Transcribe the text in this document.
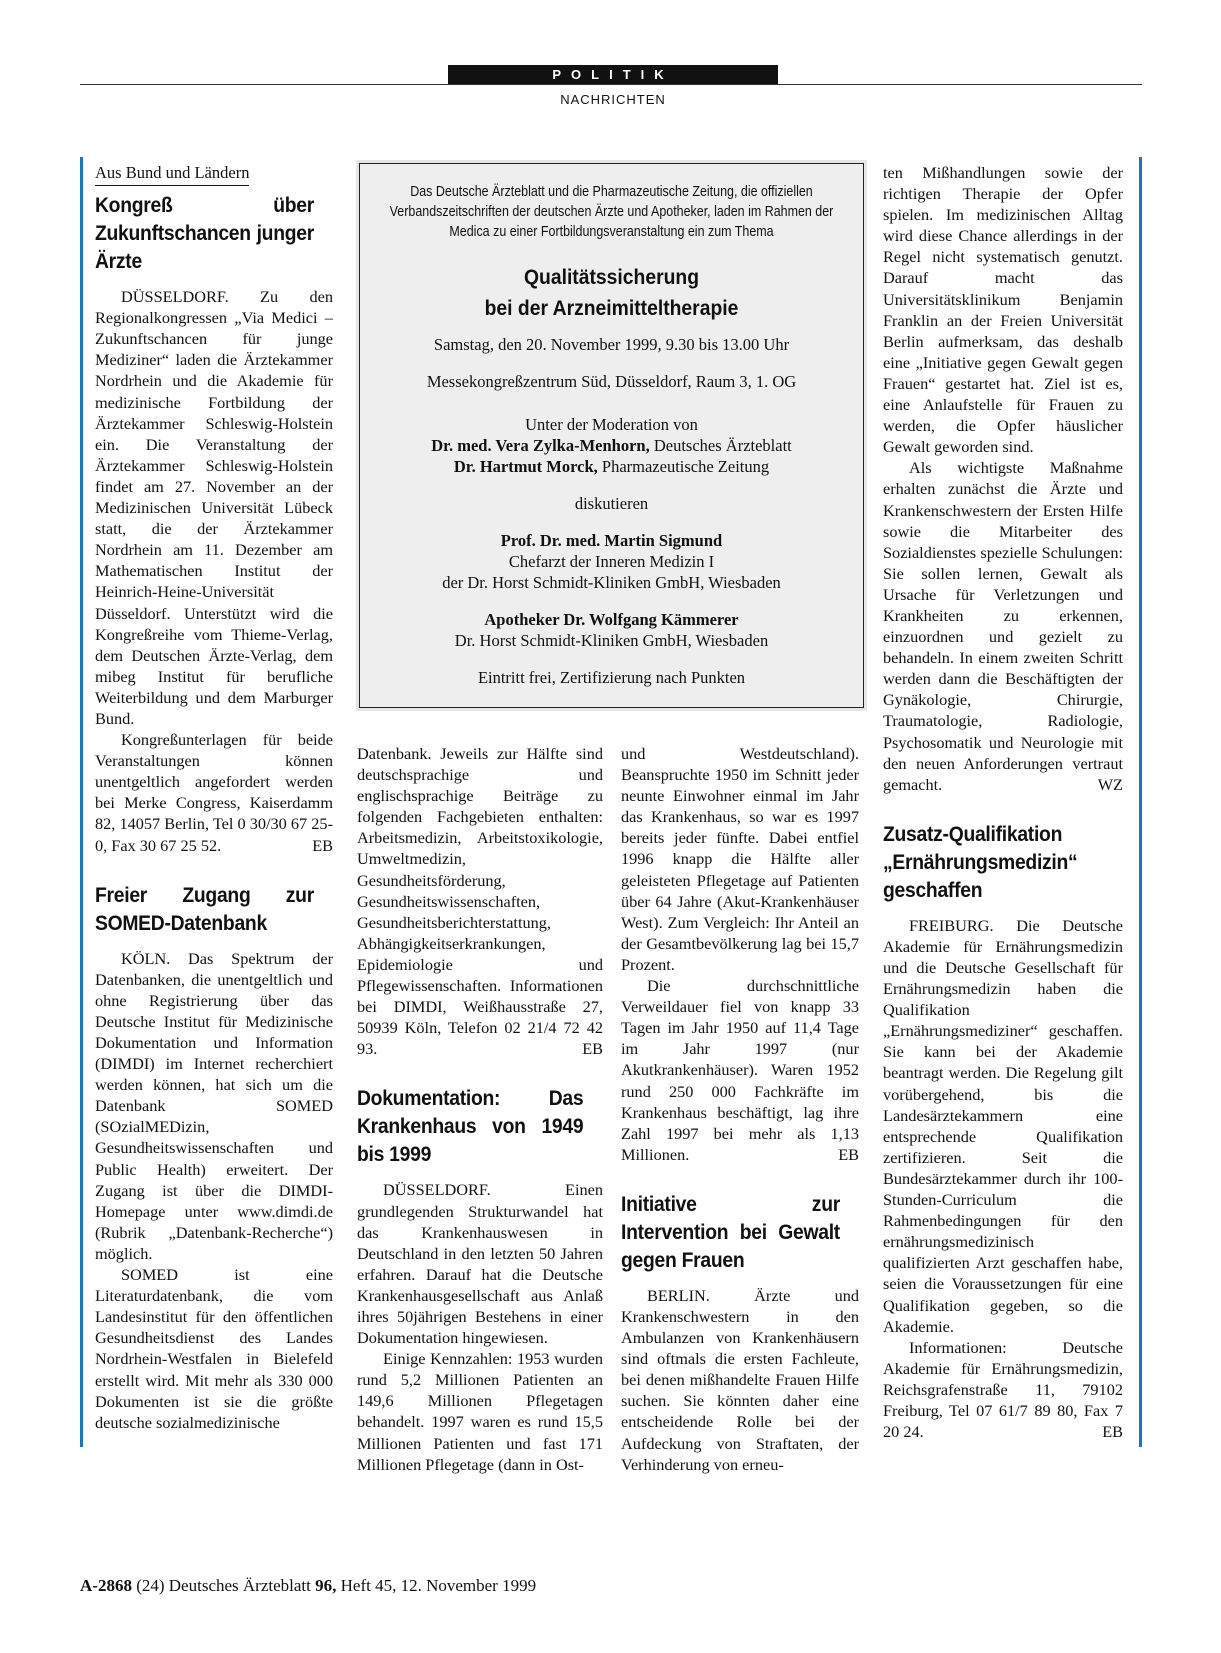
POLITIK
NACHRICHTEN
Aus Bund und Ländern
Kongreß über Zukunftschancen junger Ärzte

DÜSSELDORF. Zu den Regionalkongressen „Via Medici – Zukunftschancen für junge Mediziner“ laden die Ärztekammer Nordrhein und die Akademie für medizinische Fortbildung der Ärztekammer Schleswig-Holstein ein. Die Veranstaltung der Ärztekammer Schleswig-Holstein findet am 27. November an der Medizinischen Universität Lübeck statt, die der Ärztekammer Nordrhein am 11. Dezember am Mathematischen Institut der Heinrich-Heine-Universität Düsseldorf. Unterstützt wird die Kongreßreihe vom Thieme-Verlag, dem Deutschen Ärzte-Verlag, dem mibeg Institut für berufliche Weiterbildung und dem Marburger Bund.

Kongreßunterlagen für beide Veranstaltungen können unentgeltlich angefordert werden bei Merke Congress, Kaiserdamm 82, 14057 Berlin, Tel 0 30/30 67 25-0, Fax 30 67 25 52.	EB

Freier Zugang zur SOMED-Datenbank

KÖLN. Das Spektrum der Datenbanken, die unentgeltlich und ohne Registrierung über das Deutsche Institut für Medizinische Dokumentation und Information (DIMDI) im Internet recherchiert werden können, hat sich um die Datenbank SOMED (SOzialMEDizin, Gesundheitswissenschaften und Public Health) erweitert. Der Zugang ist über die DIMDI-Homepage unter www.dimdi.de (Rubrik „Datenbank-Recherche“) möglich.

SOMED ist eine Literaturdatenbank, die vom Landesinstitut für den öffentlichen Gesundheitsdienst des Landes Nordrhein-Westfalen in Bielefeld erstellt wird. Mit mehr als 330 000 Dokumenten ist sie die größte deutsche sozialmedizinische

Das Deutsche Ärzteblatt und die Pharmazeutische Zeitung, die offiziellen Verbandszeitschriften der deutschen Ärzte und Apotheker, laden im Rahmen der Medica zu einer Fortbildungsveranstaltung ein zum Thema
Qualitätssicherung
bei der Arzneimitteltherapie
Samstag, den 20. November 1999, 9.30 bis 13.00 Uhr
Messekongreßzentrum Süd, Düsseldorf, Raum 3, 1. OG
Unter der Moderation von
Dr. med. Vera Zylka-Menhorn, Deutsches Ärzteblatt
Dr. Hartmut Morck, Pharmazeutische Zeitung
diskutieren
Prof. Dr. med. Martin Sigmund
Chefarzt der Inneren Medizin I
der Dr. Horst Schmidt-Kliniken GmbH, Wiesbaden
Apotheker Dr. Wolfgang Kämmerer
Dr. Horst Schmidt-Kliniken GmbH, Wiesbaden
Eintritt frei, Zertifizierung nach Punkten

Datenbank. Jeweils zur Hälfte sind deutschsprachige und englischsprachige Beiträge zu folgenden Fachgebieten enthalten: Arbeitsmedizin, Arbeitstoxikologie, Umweltmedizin, Gesundheitsförderung, Gesundheitswissenschaften, Gesundheitsberichterstattung, Abhängigkeitserkrankungen, Epidemiologie und Pflegewissenschaften. Informationen bei DIMDI, Weißhausstraße 27, 50939 Köln, Telefon 02 21/4 72 42 93.	EB

Dokumentation: Das Krankenhaus von 1949 bis 1999

DÜSSELDORF. Einen grundlegenden Strukturwandel hat das Krankenhauswesen in Deutschland in den letzten 50 Jahren erfahren. Darauf hat die Deutsche Krankenhausgesellschaft aus Anlaß ihres 50jährigen Bestehens in einer Dokumentation hingewiesen.

Einige Kennzahlen: 1953 wurden rund 5,2 Millionen Patienten an 149,6 Millionen Pflegetagen behandelt. 1997 waren es rund 15,5 Millionen Patienten und fast 171 Millionen Pflegetage (dann in Ost-

und Westdeutschland). Beanspruchte 1950 im Schnitt jeder neunte Einwohner einmal im Jahr das Krankenhaus, so war es 1997 bereits jeder fünfte. Dabei entfiel 1996 knapp die Hälfte aller geleisteten Pflegetage auf Patienten über 64 Jahre (Akut-Krankenhäuser West). Zum Vergleich: Ihr Anteil an der Gesamtbevölkerung lag bei 15,7 Prozent.

Die durchschnittliche Verweildauer fiel von knapp 33 Tagen im Jahr 1950 auf 11,4 Tage im Jahr 1997 (nur Akutkrankenhäuser). Waren 1952 rund 250 000 Fachkräfte im Krankenhaus beschäftigt, lag ihre Zahl 1997 bei mehr als 1,13 Millionen.	EB

Initiative zur Intervention bei Gewalt gegen Frauen

BERLIN. Ärzte und Krankenschwestern in den Ambulanzen von Krankenhäusern sind oftmals die ersten Fachleute, bei denen mißhandelte Frauen Hilfe suchen. Sie könnten daher eine entscheidende Rolle bei der Aufdeckung von Straftaten, der Verhinderung von erneu-

ten Mißhandlungen sowie der richtigen Therapie der Opfer spielen. Im medizinischen Alltag wird diese Chance allerdings in der Regel nicht systematisch genutzt. Darauf macht das Universitätsklinikum Benjamin Franklin an der Freien Universität Berlin aufmerksam, das deshalb eine „Initiative gegen Gewalt gegen Frauen“ gestartet hat. Ziel ist es, eine Anlaufstelle für Frauen zu werden, die Opfer häuslicher Gewalt geworden sind.

Als wichtigste Maßnahme erhalten zunächst die Ärzte und Krankenschwestern der Ersten Hilfe sowie die Mitarbeiter des Sozialdienstes spezielle Schulungen: Sie sollen lernen, Gewalt als Ursache für Verletzungen und Krankheiten zu erkennen, einzuordnen und gezielt zu behandeln. In einem zweiten Schritt werden dann die Beschäftigten der Gynäkologie, Chirurgie, Traumatologie, Radiologie, Psychosomatik und Neurologie mit den neuen Anforderungen vertraut gemacht.	WZ

Zusatz-Qualifikation „Ernährungsmedizin“ geschaffen

FREIBURG. Die Deutsche Akademie für Ernährungsmedizin und die Deutsche Gesellschaft für Ernährungsmedizin haben die Qualifikation „Ernährungsmediziner“ geschaffen. Sie kann bei der Akademie beantragt werden. Die Regelung gilt vorübergehend, bis die Landesärztekammern eine entsprechende Qualifikation zertifizieren. Seit die Bundesärztekammer durch ihr 100-Stunden-Curriculum die Rahmenbedingungen für den ernährungsmedizinisch qualifizierten Arzt geschaffen habe, seien die Voraussetzungen für eine Qualifikation gegeben, so die Akademie.

Informationen: Deutsche Akademie für Ernährungsmedizin, Reichsgrafenstraße 11, 79102 Freiburg, Tel 07 61/7 89 80, Fax 7 20 24.	EB

A-2868 (24) Deutsches Ärzteblatt 96, Heft 45, 12. November 1999
